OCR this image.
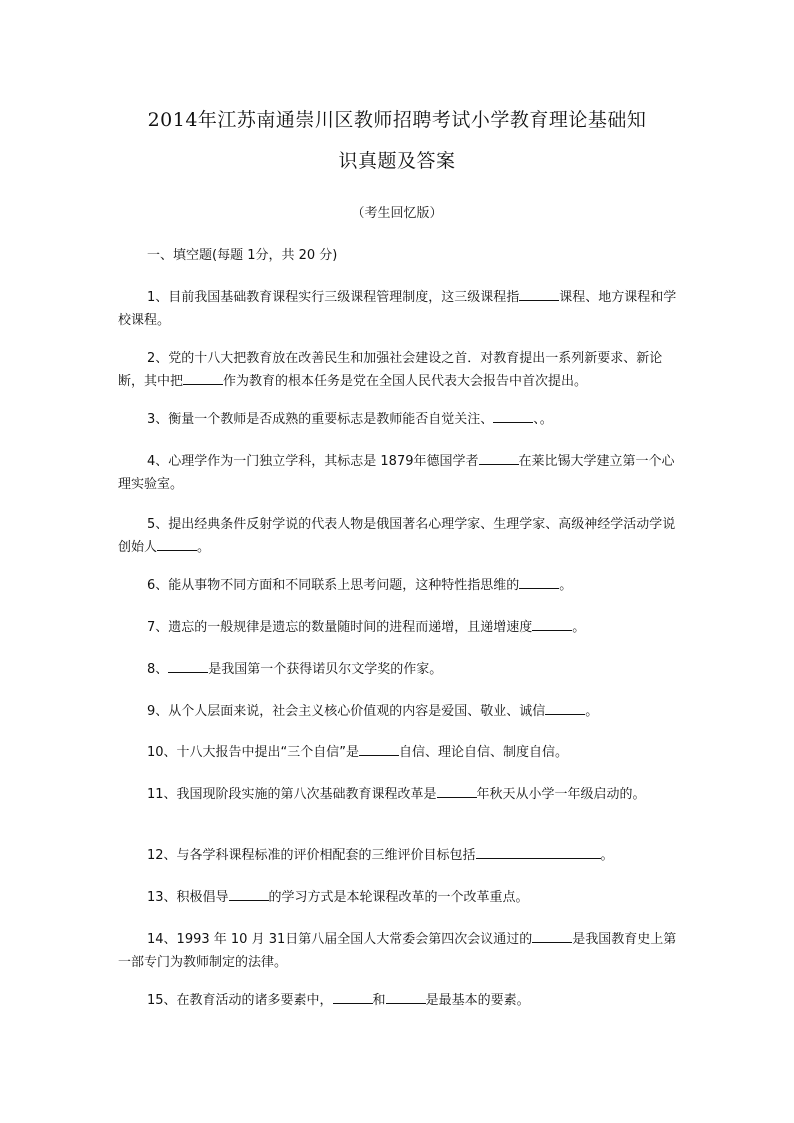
2014年江苏南通崇川区教师招聘考试小学教育理论基础知
识真题及答案
（考生回忆版）
一、填空题(每题 1分，共 20 分)
1、目前我国基础教育课程实行三级课程管理制度，这三级课程指	课程、地方课程和学校课程。
2、党的十八大把教育放在改善民生和加强社会建设之首．对教育提出一系列新要求、新论断，其中把	作为教育的根本任务是党在全国人民代表大会报告中首次提出。
3、衡量一个教师是否成熟的重要标志是教师能否自觉关注、	、。
4、心理学作为一门独立学科，其标志是 1879年德国学者	在莱比锡大学建立第一个心理实验室。
5、提出经典条件反射学说的代表人物是俄国著名心理学家、生理学家、高级神经学活动学说创始人	。
6、能从事物不同方面和不同联系上思考问题，这种特性指思维的	。
7、遗忘的一般规律是遗忘的数量随时间的进程而递增，且递增速度	。
8、	是我国第一个获得诺贝尔文学奖的作家。
9、从个人层面来说，社会主义核心价值观的内容是爱国、敬业、诚信	。
10、十八大报告中提出“三个自信”是	自信、理论自信、制度自信。
11、我国现阶段实施的第八次基础教育课程改革是	年秋天从小学一年级启动的。
12、与各学科课程标准的评价相配套的三维评价目标包括	。
13、积极倡导	的学习方式是本轮课程改革的一个改革重点。
14、1993 年 10 月 31日第八届全国人大常委会第四次会议通过的	是我国教育史上第一部专门为教师制定的法律。
15、在教育活动的诸多要素中，	和	是最基本的要素。
